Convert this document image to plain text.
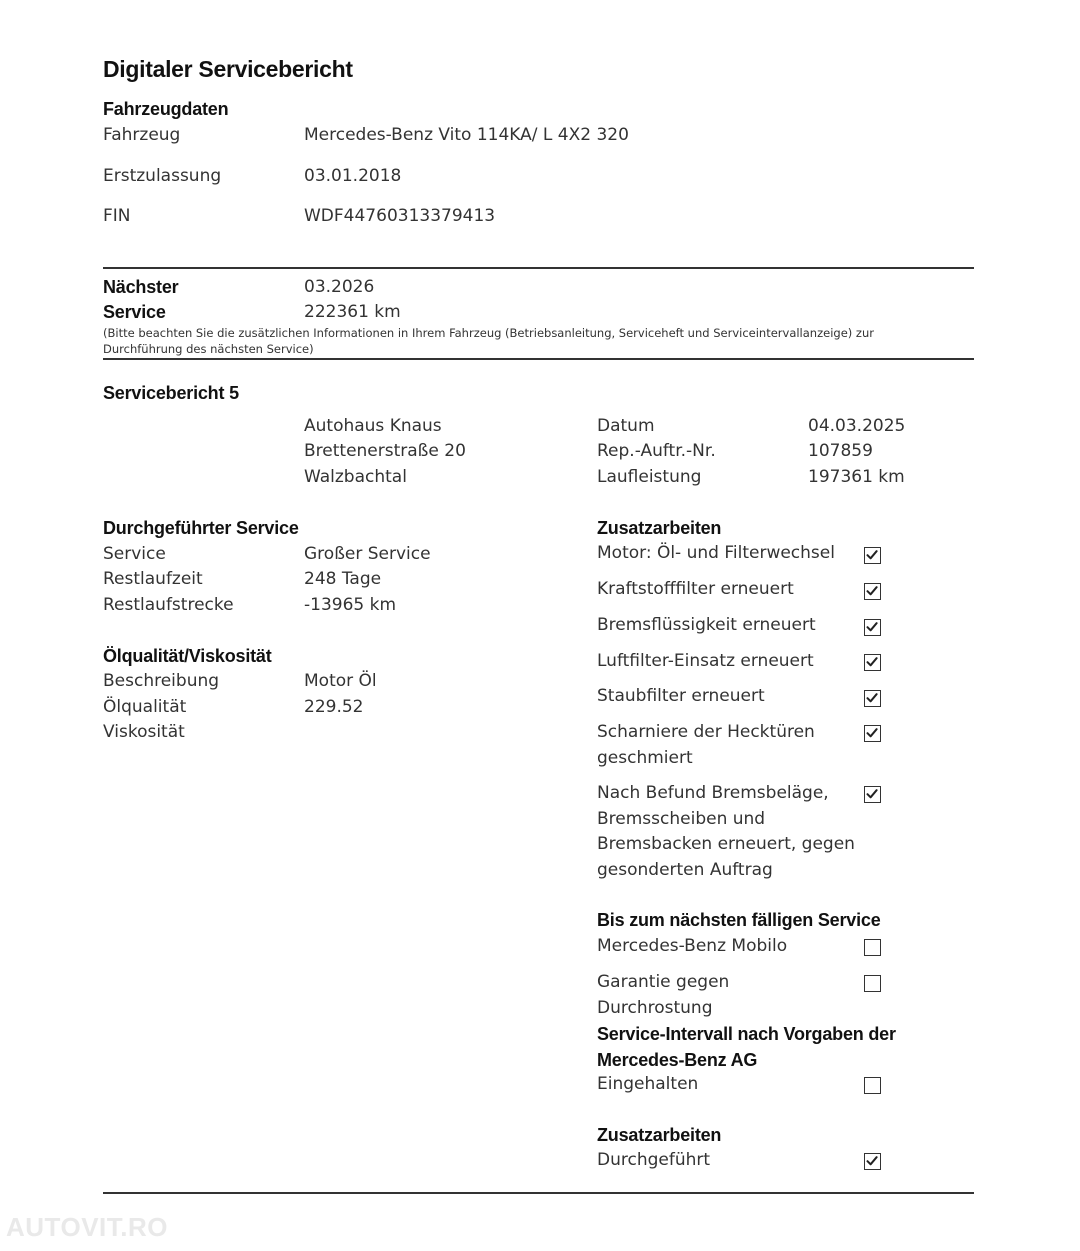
Digitaler Servicebericht
Fahrzeugdaten
Fahrzeug	Mercedes-Benz Vito 114KA/ L 4X2 320
Erstzulassung	03.01.2018
FIN	WDF44760313379413
Nächster
Service
03.2026
222361 km
(Bitte beachten Sie die zusätzlichen Informationen in Ihrem Fahrzeug (Betriebsanleitung, Serviceheft und Serviceintervallanzeige) zur Durchführung des nächsten Service)
Servicebericht 5
Autohaus Knaus
Brettenerstraße 20
Walzbachtal
Datum	04.03.2025
Rep.-Auftr.-Nr.	107859
Laufleistung	197361 km
Durchgeführter Service
Service	Großer Service
Restlaufzeit	248 Tage
Restlaufstrecke	-13965 km
Ölqualität/Viskosität
Beschreibung	Motor Öl
Ölqualität	229.52
Viskosität
Zusatzarbeiten
Motor: Öl- und Filterwechsel
Kraftstofffilter erneuert
Bremsflüssigkeit erneuert
Luftfilter-Einsatz erneuert
Staubfilter erneuert
Scharniere der Hecktüren geschmiert
Nach Befund Bremsbeläge, Bremsscheiben und Bremsbacken erneuert, gegen gesonderten Auftrag
Bis zum nächsten fälligen Service
Mercedes-Benz Mobilo
Garantie gegen Durchrostung
Service-Intervall nach Vorgaben der Mercedes-Benz AG
Eingehalten
Zusatzarbeiten
Durchgeführt
AUTOVIT.RO
